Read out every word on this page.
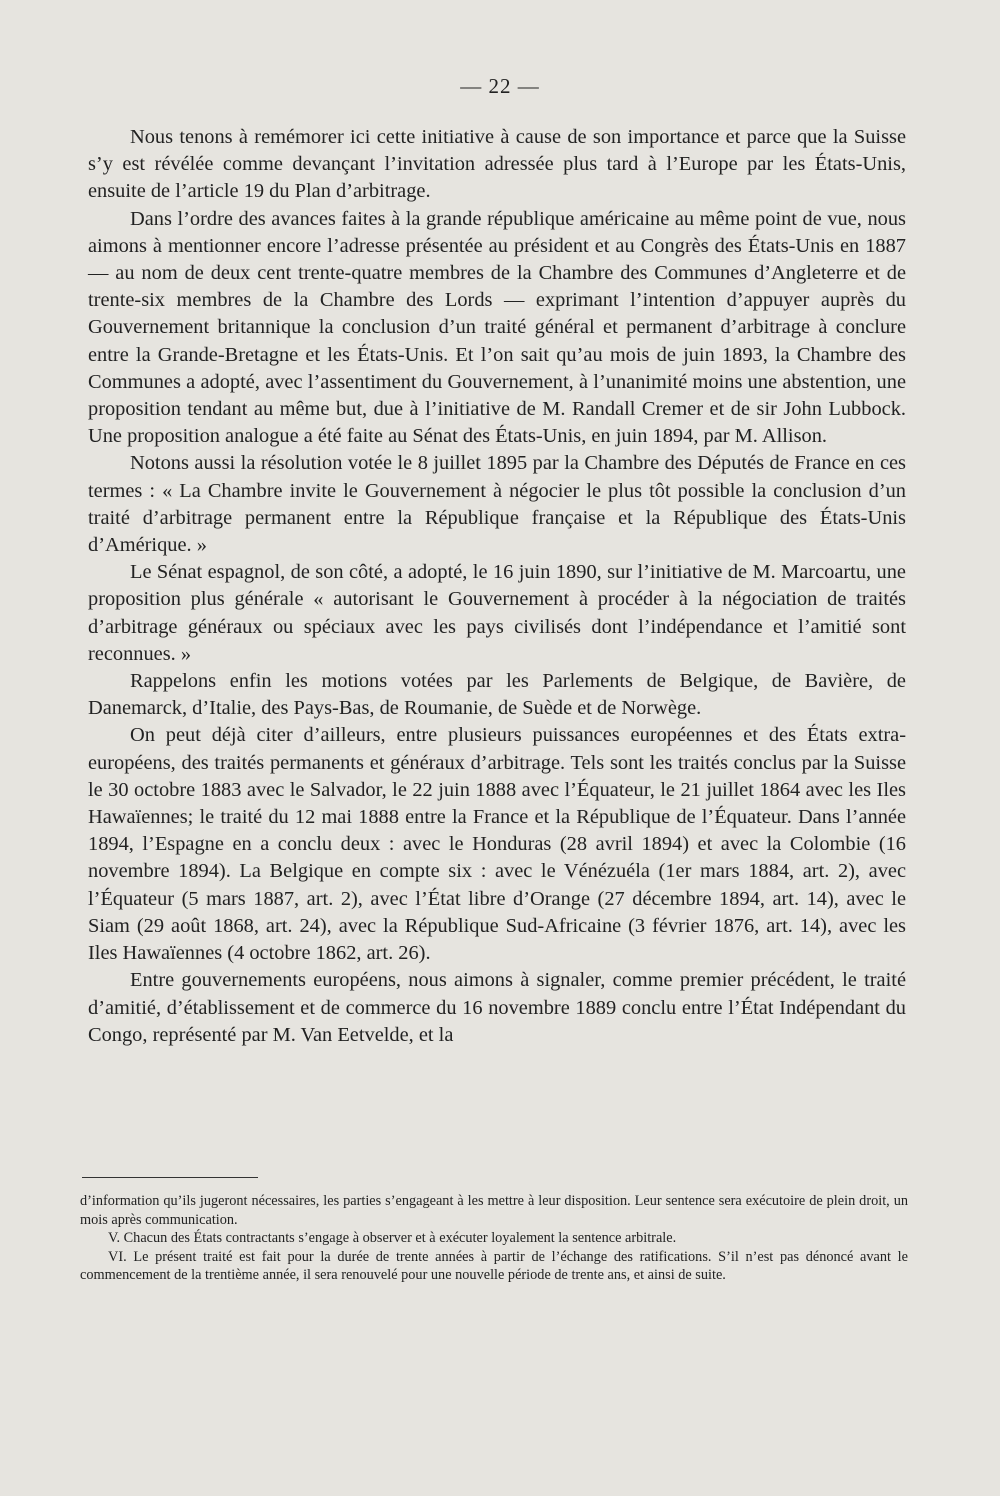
— 22 —

Nous tenons à remémorer ici cette initiative à cause de son importance et parce que la Suisse s’y est révélée comme devançant l’invitation adressée plus tard à l’Europe par les États-Unis, ensuite de l’article 19 du Plan d’arbitrage.

Dans l’ordre des avances faites à la grande république américaine au même point de vue, nous aimons à mentionner encore l’adresse présentée au président et au Congrès des États-Unis en 1887 — au nom de deux cent trente-quatre membres de la Chambre des Communes d’Angleterre et de trente-six membres de la Chambre des Lords — exprimant l’intention d’appuyer auprès du Gouvernement britannique la conclusion d’un traité général et permanent d’arbitrage à conclure entre la Grande-Bretagne et les États-Unis. Et l’on sait qu’au mois de juin 1893, la Chambre des Communes a adopté, avec l’assentiment du Gouvernement, à l’unanimité moins une abstention, une proposition tendant au même but, due à l’initiative de M. Randall Cremer et de sir John Lubbock. Une proposition analogue a été faite au Sénat des États-Unis, en juin 1894, par M. Allison.

Notons aussi la résolution votée le 8 juillet 1895 par la Chambre des Députés de France en ces termes : « La Chambre invite le Gouvernement à négocier le plus tôt possible la conclusion d’un traité d’arbitrage permanent entre la République française et la République des États-Unis d’Amérique. »

Le Sénat espagnol, de son côté, a adopté, le 16 juin 1890, sur l’initiative de M. Marcoartu, une proposition plus générale « autorisant le Gouvernement à procéder à la négociation de traités d’arbitrage généraux ou spéciaux avec les pays civilisés dont l’indépendance et l’amitié sont reconnues. »

Rappelons enfin les motions votées par les Parlements de Belgique, de Bavière, de Danemarck, d’Italie, des Pays-Bas, de Roumanie, de Suède et de Norwège.

On peut déjà citer d’ailleurs, entre plusieurs puissances européennes et des États extra-européens, des traités permanents et généraux d’arbitrage. Tels sont les traités conclus par la Suisse le 30 octobre 1883 avec le Salvador, le 22 juin 1888 avec l’Équateur, le 21 juillet 1864 avec les Iles Hawaïennes; le traité du 12 mai 1888 entre la France et la République de l’Équateur. Dans l’année 1894, l’Espagne en a conclu deux : avec le Honduras (28 avril 1894) et avec la Colombie (16 novembre 1894). La Belgique en compte six : avec le Vénézuéla (1er mars 1884, art. 2), avec l’Équateur (5 mars 1887, art. 2), avec l’État libre d’Orange (27 décembre 1894, art. 14), avec le Siam (29 août 1868, art. 24), avec la République Sud-Africaine (3 février 1876, art. 14), avec les Iles Hawaïennes (4 octobre 1862, art. 26).

Entre gouvernements européens, nous aimons à signaler, comme premier précédent, le traité d’amitié, d’établissement et de commerce du 16 novembre 1889 conclu entre l’État Indépendant du Congo, représenté par M. Van Eetvelde, et la

d’information qu’ils jugeront nécessaires, les parties s’engageant à les mettre à leur disposition. Leur sentence sera exécutoire de plein droit, un mois après communication.

V. Chacun des États contractants s’engage à observer et à exécuter loyalement la sentence arbitrale.

VI. Le présent traité est fait pour la durée de trente années à partir de l’échange des ratifications. S’il n’est pas dénoncé avant le commencement de la trentième année, il sera renouvelé pour une nouvelle période de trente ans, et ainsi de suite.
